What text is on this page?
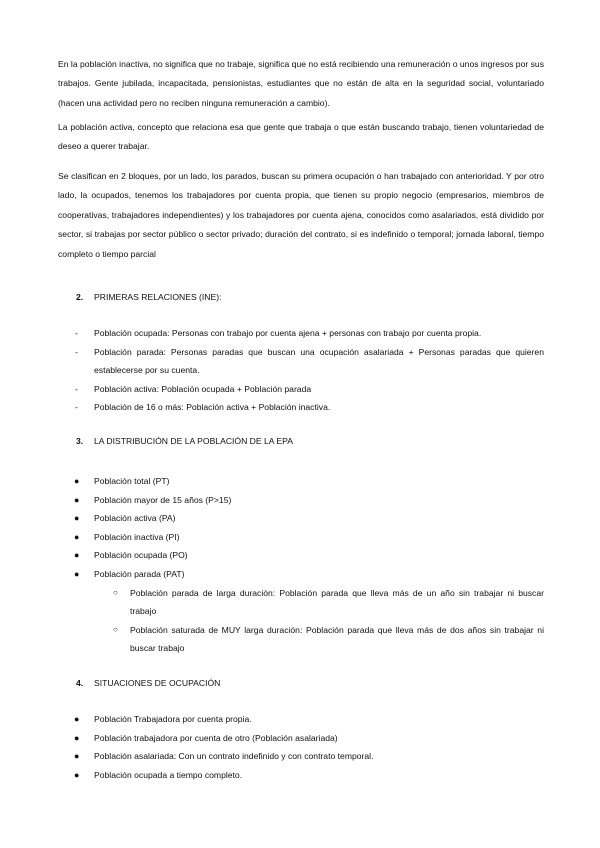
En la población inactiva, no significa que no trabaje, significa que no está recibiendo una remuneración o unos ingresos por sus trabajos. Gente jubilada, incapacitada, pensionistas, estudiantes que no están de alta en la seguridad social, voluntariado (hacen una actividad pero no reciben ninguna remuneración a cambio).

La población activa, concepto que relaciona esa que gente que trabaja o que están buscando trabajo, tienen voluntariedad de deseo a querer trabajar.

Se clasifican en 2 bloques, por un lado, los parados, buscan su primera ocupación o han trabajado con anterioridad. Y por otro lado, la ocupados, tenemos los trabajadores por cuenta propia, que tienen su propio negocio (empresarios, miembros de cooperativas, trabajadores independientes) y los trabajadores por cuenta ajena, conocidos como asalariados, está dividido por sector, si trabajas por sector público o sector privado; duración del contrato, si es indefinido o temporal; jornada laboral, tiempo completo o tiempo parcial

2. PRIMERAS RELACIONES (INE):
- Población ocupada: Personas con trabajo por cuenta ajena + personas con trabajo por cuenta propia.
- Población parada: Personas paradas que buscan una ocupación asalariada + Personas paradas que quieren establecerse por su cuenta.
- Población activa: Población ocupada + Población parada
- Población de 16 o más: Población activa + Población inactiva.
3. LA DISTRIBUCIÓN DE LA POBLACIÓN DE LA EPA
● Población total (PT)
● Población mayor de 15 años (P>15)
● Población activa (PA)
● Población inactiva (PI)
● Población ocupada (PO)
● Población parada (PAT)
○ Población parada de larga duración: Población parada que lleva más de un año sin trabajar ni buscar trabajo
○ Población saturada de MUY larga duración: Población parada que lleva más de dos años sin trabajar ni buscar trabajo
4. SITUACIONES DE OCUPACIÓN
● Población Trabajadora por cuenta propia.
● Población trabajadora por cuenta de otro (Población asalariada)
● Población asalariada: Con un contrato indefinido y con contrato temporal.
● Población ocupada a tiempo completo.
